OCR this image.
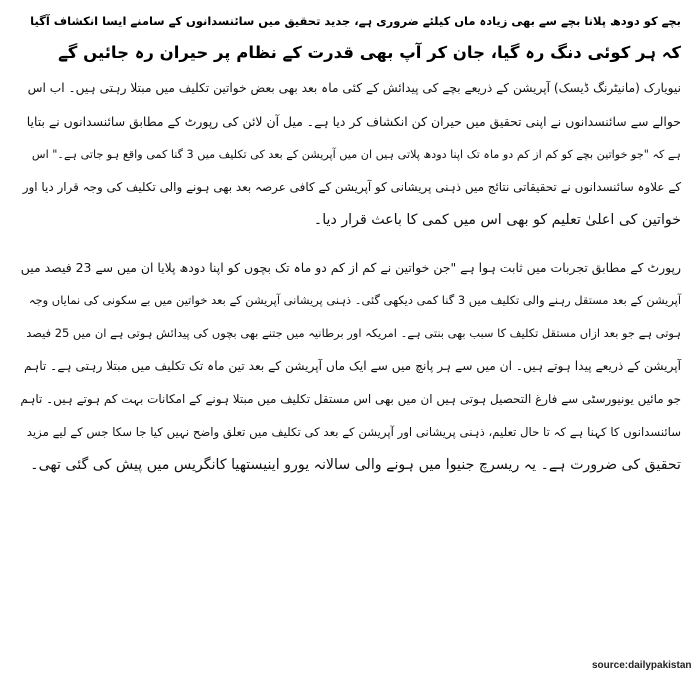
بچے کو دودھ پلانا بچے سے بھی زیادہ ماں کیلئے ضروری ہے، جدید تحقیق میں سائنسدانوں کے سامنے ایسا انکشاف آگیا
کہ ہر کوئی دنگ رہ گیا، جان کر آپ بھی قدرت کے نظام پر حیران رہ جائیں گے

نیویارک (مانیٹرنگ ڈیسک) آپریشن کے ذریعے بچے کی پیدائش کے کئی ماہ بعد بھی بعض خواتین تکلیف میں مبتلا رہتی ہیں۔ اب اس
حوالے سے سائنسدانوں نے اپنی تحقیق میں حیران کن انکشاف کر دیا ہے۔ میل آن لائن کی رپورٹ کے مطابق سائنسدانوں نے بتایا
ہے کہ "جو خواتین بچے کو کم از کم دو ماہ تک اپنا دودھ پلاتی ہیں ان میں آپریشن کے بعد کی تکلیف میں 3 گنا کمی واقع ہو جاتی ہے۔" اس
کے علاوہ سائنسدانوں نے تحقیقاتی نتائج میں ذہنی پریشانی کو آپریشن کے کافی عرصہ بعد بھی ہونے والی تکلیف کی وجہ قرار دیا اور
خواتین کی اعلیٰ تعلیم کو بھی اس میں کمی کا باعث قرار دیا۔

رپورٹ کے مطابق تجربات میں ثابت ہوا ہے "جن خواتین نے کم از کم دو ماہ تک بچوں کو اپنا دودھ پلایا ان میں سے 23 فیصد میں
آپریشن کے بعد مستقل رہنے والی تکلیف میں 3 گنا کمی دیکھی گئی۔ ذہنی پریشانی آپریشن کے بعد خواتین میں بے سکونی کی نمایاں وجہ
ہوتی ہے جو بعد ازاں مستقل تکلیف کا سبب بھی بنتی ہے۔ امریکہ اور برطانیہ میں جتنے بھی بچوں کی پیدائش ہوتی ہے ان میں 25 فیصد
آپریشن کے ذریعے پیدا ہوتے ہیں۔ ان میں سے ہر پانچ میں سے ایک ماں آپریشن کے بعد تین ماہ تک تکلیف میں مبتلا رہتی ہے۔ تاہم
جو مائیں یونیورسٹی سے فارغ التحصیل ہوتی ہیں ان میں بھی اس مستقل تکلیف میں مبتلا ہونے کے امکانات بہت کم ہوتے ہیں۔ تاہم
سائنسدانوں کا کہنا ہے کہ تا حال تعلیم، ذہنی پریشانی اور آپریشن کے بعد کی تکلیف میں تعلق واضح نہیں کیا جا سکا جس کے لیے مزید
تحقیق کی ضرورت ہے۔ یہ ریسرچ جنیوا میں ہونے والی سالانہ یورو اینیستھیا کانگریس میں پیش کی گئی تھی۔

source:dailypakistan
